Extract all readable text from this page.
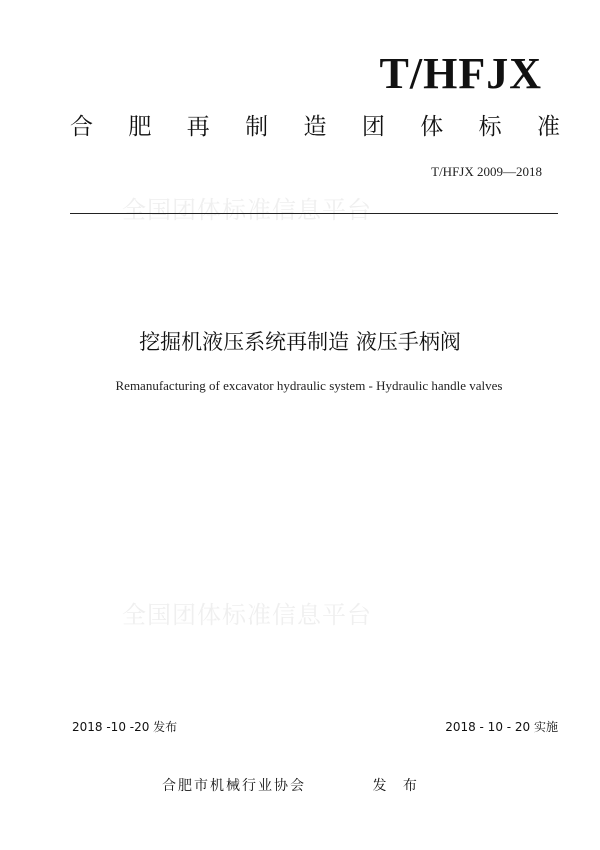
T/HFJX
合 肥 再 制 造 团 体 标 准
T/HFJX 2009—2018
全国团体标准信息平台
挖掘机液压系统再制造 液压手柄阀
Remanufacturing of excavator hydraulic system - Hydraulic handle valves
全国团体标准信息平台
2018 -10 -20 发布	2018 - 10 - 20 实施
合肥市机械行业协会	发 布
